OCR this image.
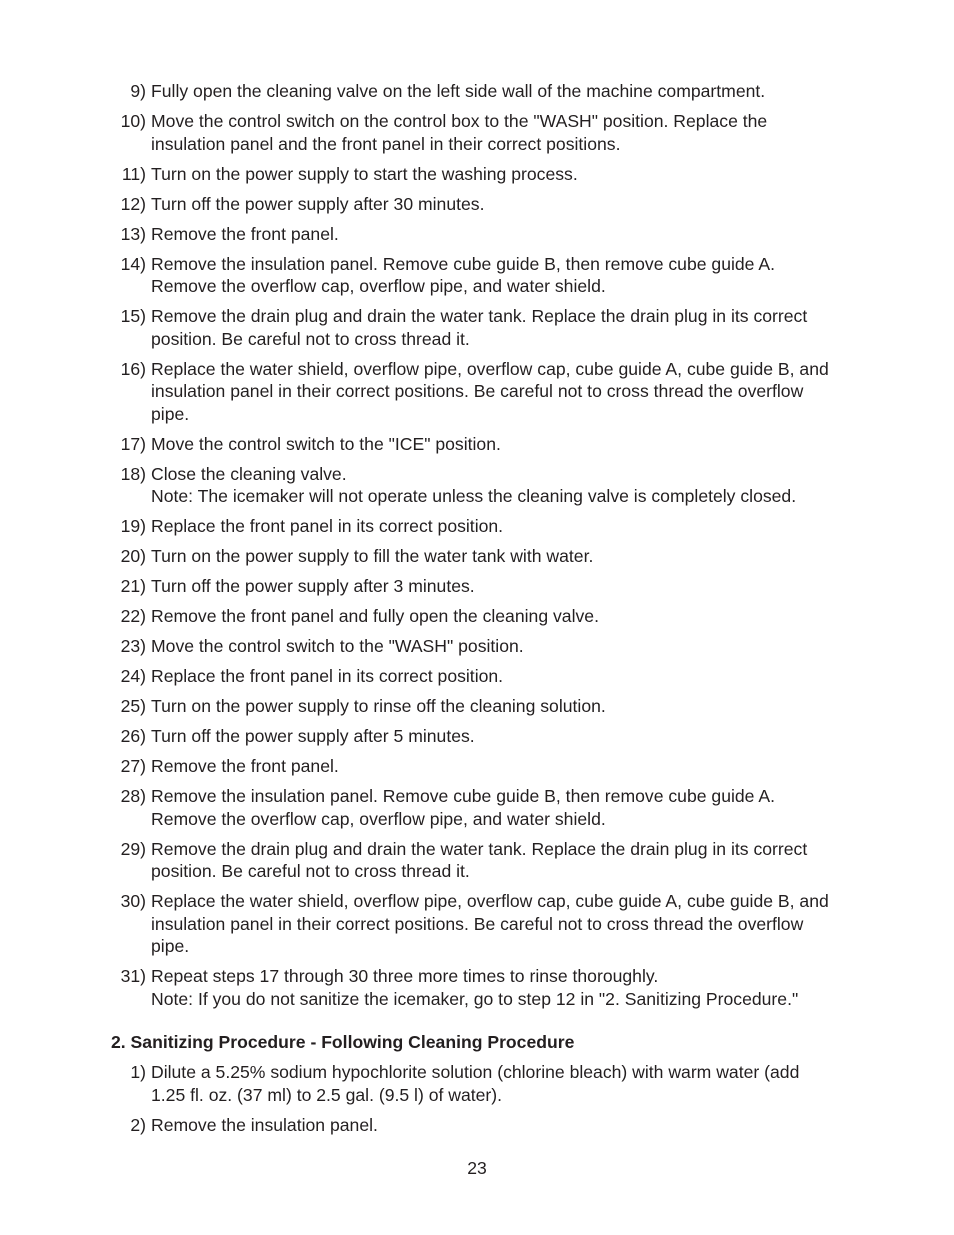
9) Fully open the cleaning valve on the left side wall of the machine compartment.
10) Move the control switch on the control box to the "WASH" position. Replace the
insulation panel and the front panel in their correct positions.
11) Turn on the power supply to start the washing process.
12) Turn off the power supply after 30 minutes.
13) Remove the front panel.
14) Remove the insulation panel. Remove cube guide B, then remove cube guide A.
Remove the overflow cap, overflow pipe, and water shield.
15) Remove the drain plug and drain the water tank. Replace the drain plug in its correct
position. Be careful not to cross thread it.
16) Replace the water shield, overflow pipe, overflow cap, cube guide A, cube guide B, and
insulation panel in their correct positions. Be careful not to cross thread the overflow
pipe.
17) Move the control switch to the "ICE" position.
18) Close the cleaning valve.
Note: The icemaker will not operate unless the cleaning valve is completely closed.
19) Replace the front panel in its correct position.
20) Turn on the power supply to fill the water tank with water.
21) Turn off the power supply after 3 minutes.
22) Remove the front panel and fully open the cleaning valve.
23) Move the control switch to the "WASH" position.
24) Replace the front panel in its correct position.
25) Turn on the power supply to rinse off the cleaning solution.
26) Turn off the power supply after 5 minutes.
27) Remove the front panel.
28) Remove the insulation panel. Remove cube guide B, then remove cube guide A.
Remove the overflow cap, overflow pipe, and water shield.
29) Remove the drain plug and drain the water tank. Replace the drain plug in its correct
position. Be careful not to cross thread it.
30) Replace the water shield, overflow pipe, overflow cap, cube guide A, cube guide B, and
insulation panel in their correct positions. Be careful not to cross thread the overflow
pipe.
31) Repeat steps 17 through 30 three more times to rinse thoroughly.
Note: If you do not sanitize the icemaker, go to step 12 in "2. Sanitizing Procedure."
2. Sanitizing Procedure - Following Cleaning Procedure
1) Dilute a 5.25% sodium hypochlorite solution (chlorine bleach) with warm water (add
1.25 fl. oz. (37 ml) to 2.5 gal. (9.5 l) of water).
2) Remove the insulation panel.
23
